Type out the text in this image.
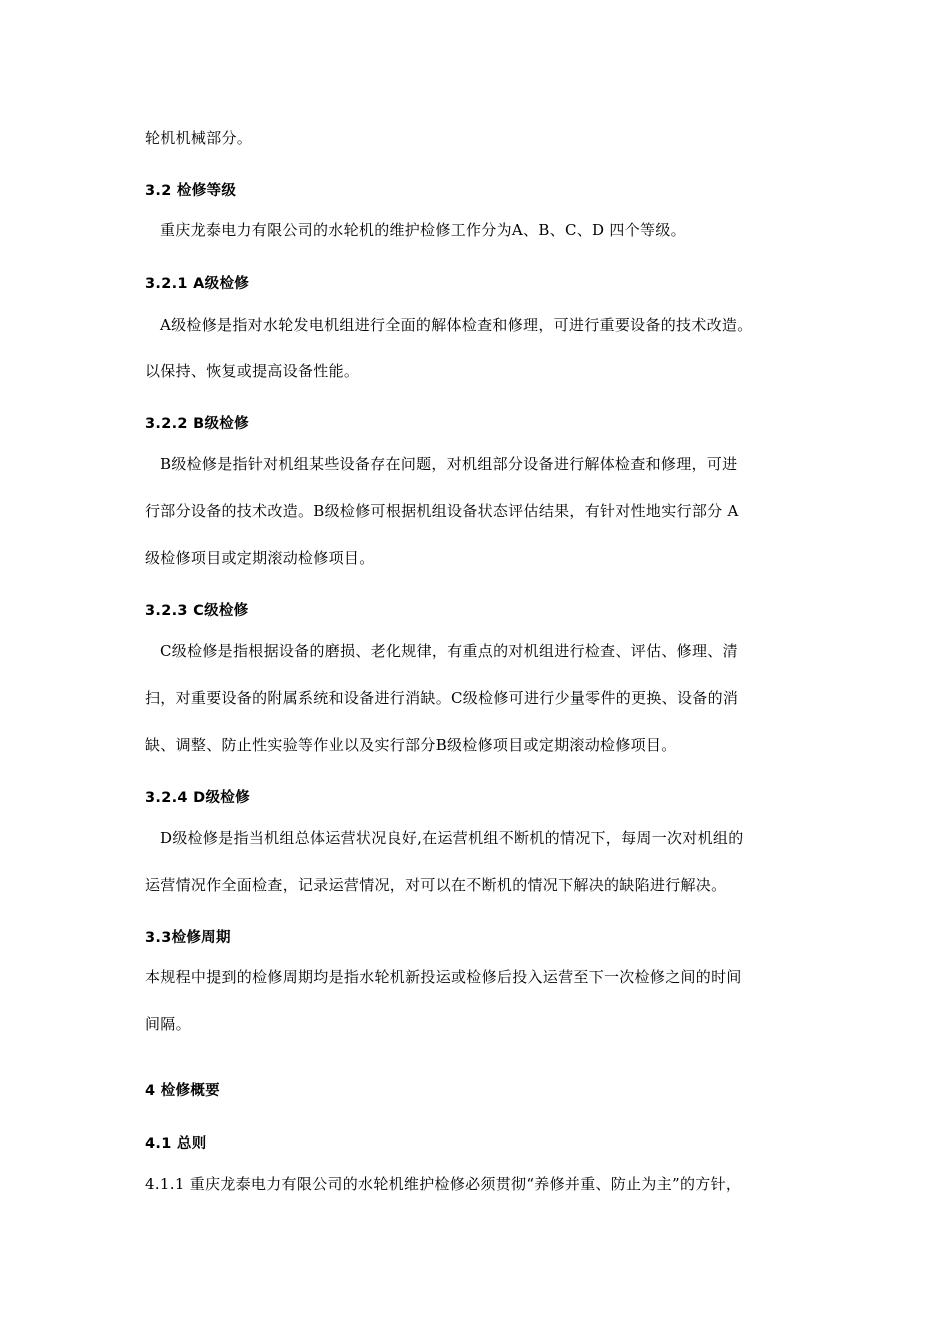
轮机机械部分。
3.2 检修等级
重庆龙泰电力有限公司的水轮机的维护检修工作分为A、B、C、D 四个等级。
3.2.1 A级检修
A级检修是指对水轮发电机组进行全面的解体检查和修理，可进行重要设备的技术改造。
以保持、恢复或提高设备性能。
3.2.2 B级检修
B级检修是指针对机组某些设备存在问题，对机组部分设备进行解体检查和修理，可进
行部分设备的技术改造。B级检修可根据机组设备状态评估结果，有针对性地实行部分 A
级检修项目或定期滚动检修项目。
3.2.3 C级检修
C级检修是指根据设备的磨损、老化规律，有重点的对机组进行检查、评估、修理、清
扫，对重要设备的附属系统和设备进行消缺。C级检修可进行少量零件的更换、设备的消
缺、调整、防止性实验等作业以及实行部分B级检修项目或定期滚动检修项目。
3.2.4 D级检修
D级检修是指当机组总体运营状况良好,在运营机组不断机的情况下，每周一次对机组的
运营情况作全面检查，记录运营情况，对可以在不断机的情况下解决的缺陷进行解决。
3.3检修周期
本规程中提到的检修周期均是指水轮机新投运或检修后投入运营至下一次检修之间的时间
间隔。
4 检修概要
4.1 总则
4.1.1 重庆龙泰电力有限公司的水轮机维护检修必须贯彻“养修并重、防止为主”的方针，
